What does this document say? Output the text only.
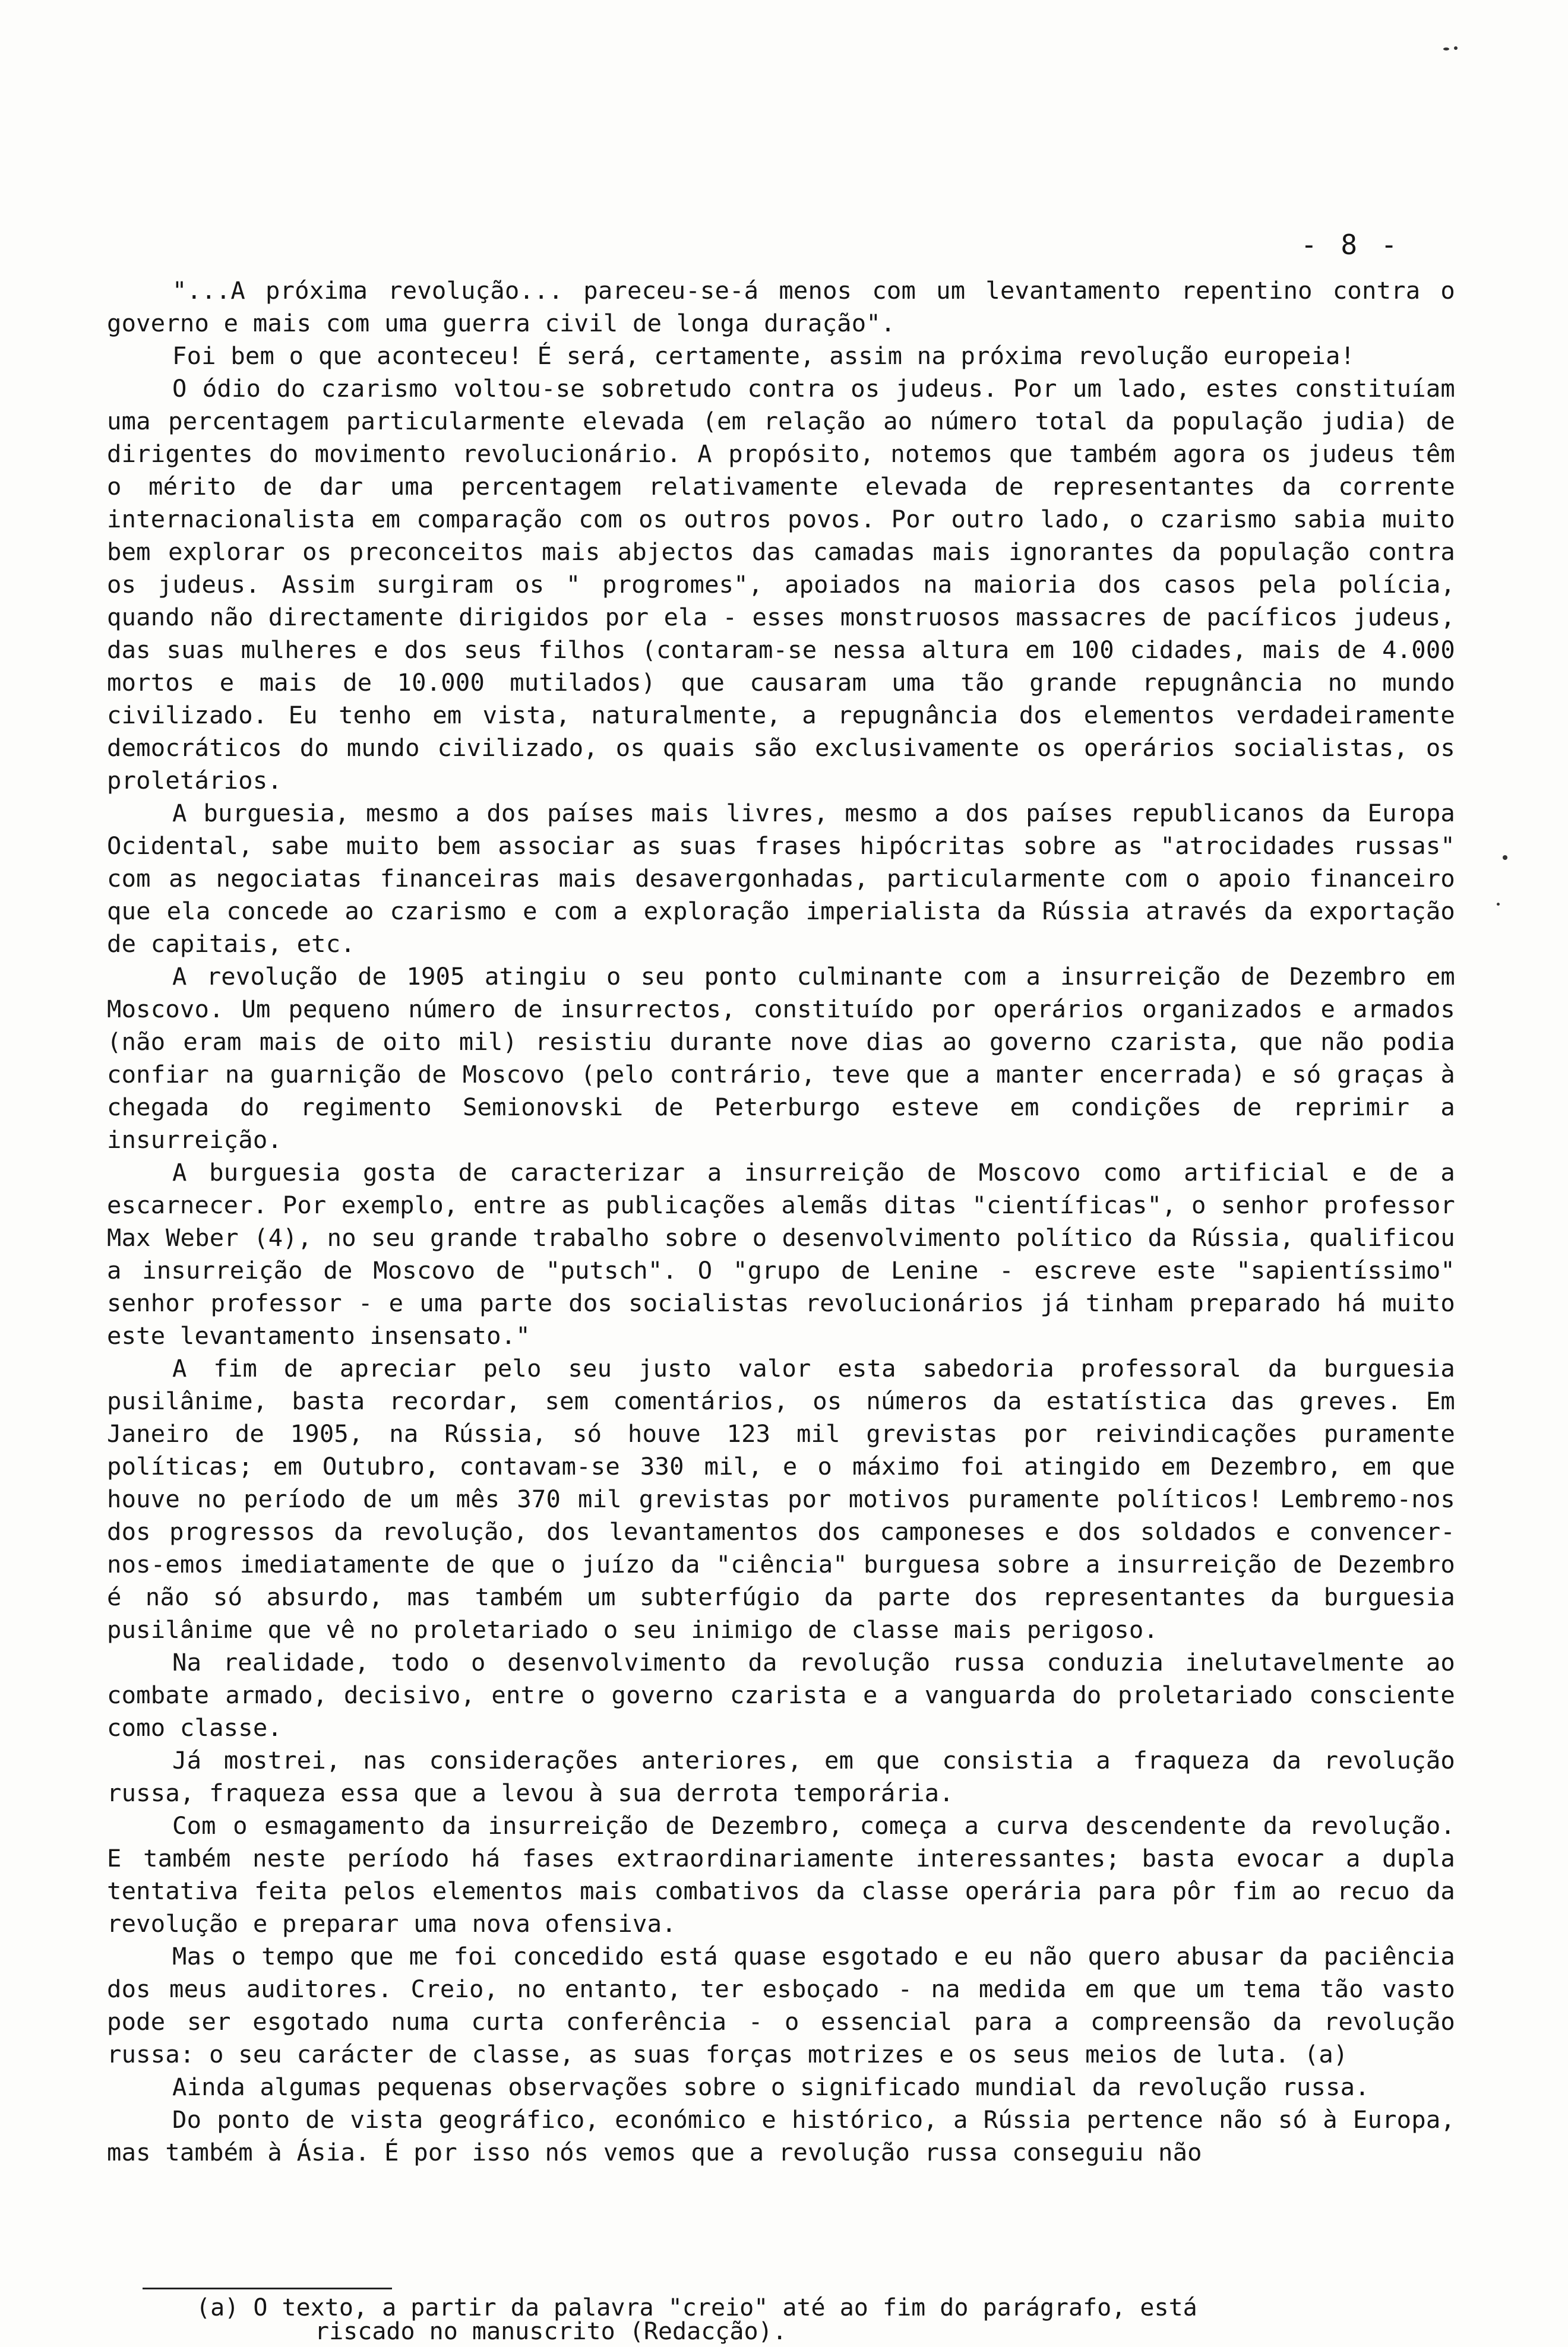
- 8 -

"...A próxima revolução... pareceu-se-á menos com um levantamento repentino contra o governo e mais com uma guerra civil de longa duração".

Foi bem o que aconteceu! É será, certamente, assim na próxima revolução europeia!

O ódio do czarismo voltou-se sobretudo contra os judeus. Por um lado, estes constituíam uma percentagem particularmente elevada (em relação ao número total da população judia) de dirigentes do movimento revolucionário. A propósito, notemos que também agora os judeus têm o mérito de dar uma percentagem relativamente elevada de representantes da corrente internacionalista em comparação com os outros povos. Por outro lado, o czarismo sabia muito bem explorar os preconceitos mais abjectos das camadas mais ignorantes da população contra os judeus. Assim surgiram os " progromes", apoiados na maioria dos casos pela polícia, quando não directamente dirigidos por ela - esses monstruosos massacres de pacíficos judeus, das suas mulheres e dos seus filhos (contaram-se nessa altura em 100 cidades, mais de 4.000 mortos e mais de 10.000 mutilados) que causaram uma tão grande repugnância no mundo civilizado. Eu tenho em vista, naturalmente, a repugnância dos elementos verdadeiramente democráticos do mundo civilizado, os quais são exclusivamente os operários socialistas, os proletários.

A burguesia, mesmo a dos países mais livres, mesmo a dos países republicanos da Europa Ocidental, sabe muito bem associar as suas frases hipócritas sobre as "atrocidades russas" com as negociatas financeiras mais desavergonhadas, particularmente com o apoio financeiro que ela concede ao czarismo e com a exploração imperialista da Rússia através da exportação de capitais, etc.

A revolução de 1905 atingiu o seu ponto culminante com a insurreição de Dezembro em Moscovo. Um pequeno número de insurrectos, constituído por operários organizados e armados (não eram mais de oito mil) resistiu durante nove dias ao governo czarista, que não podia confiar na guarnição de Moscovo (pelo contrário, teve que a manter encerrada) e só graças à chegada do regimento Semionovski de Peterburgo esteve em condições de reprimir a insurreição.

A burguesia gosta de caracterizar a insurreição de Moscovo como artificial e de a escarnecer. Por exemplo, entre as publicações alemãs ditas "científicas", o senhor professor Max Weber (4), no seu grande trabalho sobre o desenvolvimento político da Rússia, qualificou a insurreição de Moscovo de "putsch". O "grupo de Lenine - escreve este "sapientíssimo" senhor professor - e uma parte dos socialistas revolucionários já tinham preparado há muito este levantamento insensato."

A fim de apreciar pelo seu justo valor esta sabedoria professoral da burguesia pusilânime, basta recordar, sem comentários, os números da estatística das greves. Em Janeiro de 1905, na Rússia, só houve 123 mil grevistas por reivindicações puramente políticas; em Outubro, contavam-se 330 mil, e o máximo foi atingido em Dezembro, em que houve no período de um mês 370 mil grevistas por motivos puramente políticos! Lembremo-nos dos progressos da revolução, dos levantamentos dos camponeses e dos soldados e convencer-nos-emos imediatamente de que o juízo da "ciência" burguesa sobre a insurreição de Dezembro é não só absurdo, mas também um subterfúgio da parte dos representantes da burguesia pusilânime que vê no proletariado o seu inimigo de classe mais perigoso.

Na realidade, todo o desenvolvimento da revolução russa conduzia inelutavelmente ao combate armado, decisivo, entre o governo czarista e a vanguarda do proletariado consciente como classe.

Já mostrei, nas considerações anteriores, em que consistia a fraqueza da revolução russa, fraqueza essa que a levou à sua derrota temporária.

Com o esmagamento da insurreição de Dezembro, começa a curva descendente da revolução. E também neste período há fases extraordinariamente interessantes; basta evocar a dupla tentativa feita pelos elementos mais combativos da classe operária para pôr fim ao recuo da revolução e preparar uma nova ofensiva.

Mas o tempo que me foi concedido está quase esgotado e eu não quero abusar da paciência dos meus auditores. Creio, no entanto, ter esboçado - na medida em que um tema tão vasto pode ser esgotado numa curta conferência - o essencial para a compreensão da revolução russa: o seu carácter de classe, as suas forças motrizes e os seus meios de luta. (a)

Ainda algumas pequenas observações sobre o significado mundial da revolução russa.

Do ponto de vista geográfico, económico e histórico, a Rússia pertence não só à Europa, mas também à Ásia. É por isso nós vemos que a revolução russa conseguiu não

(a) O texto, a partir da palavra "creio" até ao fim do parágrafo, está
riscado no manuscrito (Redacção).
